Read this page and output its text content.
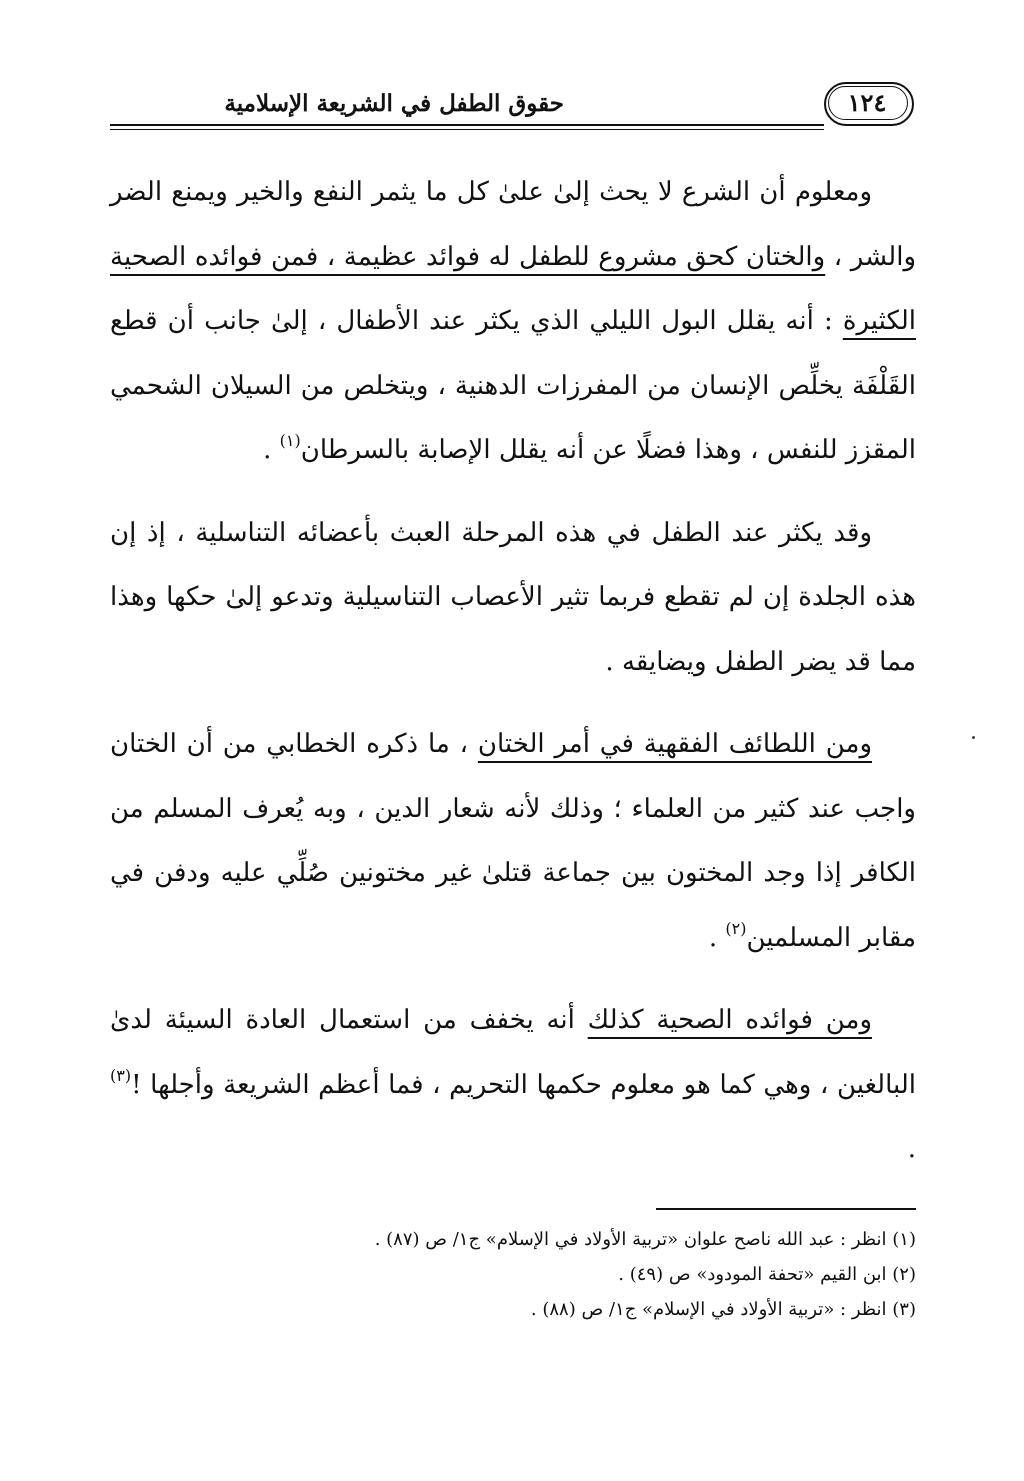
حقوق الطفل في الشريعة الإسلامية	١٢٤

ومعلوم أن الشرع لا يحث إلىٰ علىٰ كل ما يثمر النفع والخير ويمنع الضر والشر ، والختان كحق مشروع للطفل له فوائد عظيمة ، فمن فوائده الصحية الكثيرة : أنه يقلل البول الليلي الذي يكثر عند الأطفال ، إلىٰ جانب أن قطع القَلْفَة يخلِّص الإنسان من المفرزات الدهنية ، ويتخلص من السيلان الشحمي المقزز للنفس ، وهذا فضلًا عن أنه يقلل الإصابة بالسرطان$^{(١)}$ .

وقد يكثر عند الطفل في هذه المرحلة العبث بأعضائه التناسلية ، إذ إن هذه الجلدة إن لم تقطع فربما تثير الأعصاب التناسيلية وتدعو إلىٰ حكها وهذا مما قد يضر الطفل ويضايقه .

ومن اللطائف الفقهية في أمر الختان ، ما ذكره الخطابي من أن الختان واجب عند كثير من العلماء ؛ وذلك لأنه شعار الدين ، وبه يُعرف المسلم من الكافر إذا وجد المختون بين جماعة قتلىٰ غير مختونين صُلِّي عليه ودفن في مقابر المسلمين$^{(٢)}$ .

ومن فوائده الصحية كذلك أنه يخفف من استعمال العادة السيئة لدىٰ البالغين ، وهي كما هو معلوم حكمها التحريم ، فما أعظم الشريعة وأجلها !$^{(٣)}$ .

(١) انظر : عبد الله ناصح علوان «تربية الأولاد في الإسلام» ج١/ ص (٨٧) .
(٢) ابن القيم «تحفة المودود» ص (٤٩) .
(٣) انظر : «تربية الأولاد في الإسلام» ج١/ ص (٨٨) .
